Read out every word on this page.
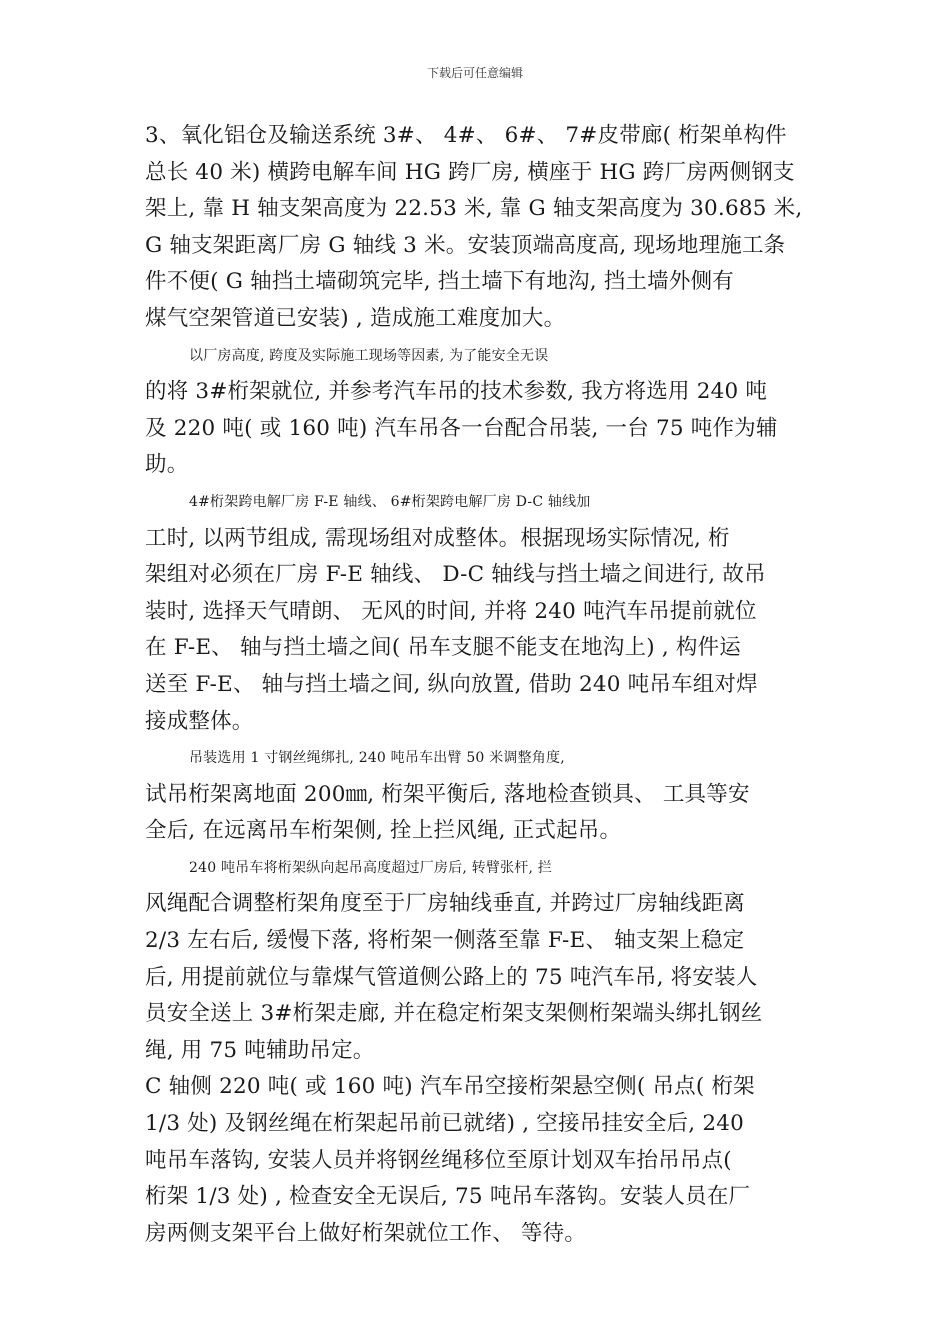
下载后可任意编辑
3、氧化铝仓及输送系统 3#、 4#、 6#、 7#皮带廊( 桁架单构件
总长 40 米) 横跨电解车间 HG 跨厂房, 横座于 HG 跨厂房两侧钢支
架上, 靠 H 轴支架高度为 22.53 米, 靠 G 轴支架高度为 30.685 米,
G 轴支架距离厂房 G 轴线 3 米。安装顶端高度高, 现场地理施工条
件不便( G 轴挡土墙砌筑完毕, 挡土墙下有地沟, 挡土墙外侧有
煤气空架管道已安装) , 造成施工难度加大。
以厂房高度, 跨度及实际施工现场等因素, 为了能安全无误
的将 3#桁架就位, 并参考汽车吊的技术参数, 我方将选用 240 吨
及 220 吨( 或 160 吨) 汽车吊各一台配合吊装, 一台 75 吨作为辅
助。
4#桁架跨电解厂房 F-E 轴线、 6#桁架跨电解厂房 D-C 轴线加
工时, 以两节组成, 需现场组对成整体。根据现场实际情况, 桁
架组对必须在厂房 F-E 轴线、 D-C 轴线与挡土墙之间进行, 故吊
装时, 选择天气晴朗、 无风的时间, 并将 240 吨汽车吊提前就位
在 F-E、 轴与挡土墙之间( 吊车支腿不能支在地沟上) , 构件运
送至 F-E、 轴与挡土墙之间, 纵向放置, 借助 240 吨吊车组对焊
接成整体。
吊装选用 1 寸钢丝绳绑扎, 240 吨吊车出臂 50 米调整角度,
试吊桁架离地面 200㎜, 桁架平衡后, 落地检查锁具、 工具等安
全后, 在远离吊车桁架侧, 拴上拦风绳, 正式起吊。
240 吨吊车将桁架纵向起吊高度超过厂房后, 转臂张杆, 拦
风绳配合调整桁架角度至于厂房轴线垂直, 并跨过厂房轴线距离
2/3 左右后, 缓慢下落, 将桁架一侧落至靠 F-E、 轴支架上稳定
后, 用提前就位与靠煤气管道侧公路上的 75 吨汽车吊, 将安装人
员安全送上 3#桁架走廊, 并在稳定桁架支架侧桁架端头绑扎钢丝
绳, 用 75 吨辅助吊定。
C 轴侧 220 吨( 或 160 吨) 汽车吊空接桁架悬空侧( 吊点( 桁架
1/3 处) 及钢丝绳在桁架起吊前已就绪) , 空接吊挂安全后, 240
吨吊车落钩, 安装人员并将钢丝绳移位至原计划双车抬吊吊点(
桁架 1/3 处) , 检查安全无误后, 75 吨吊车落钩。安装人员在厂
房两侧支架平台上做好桁架就位工作、 等待。
